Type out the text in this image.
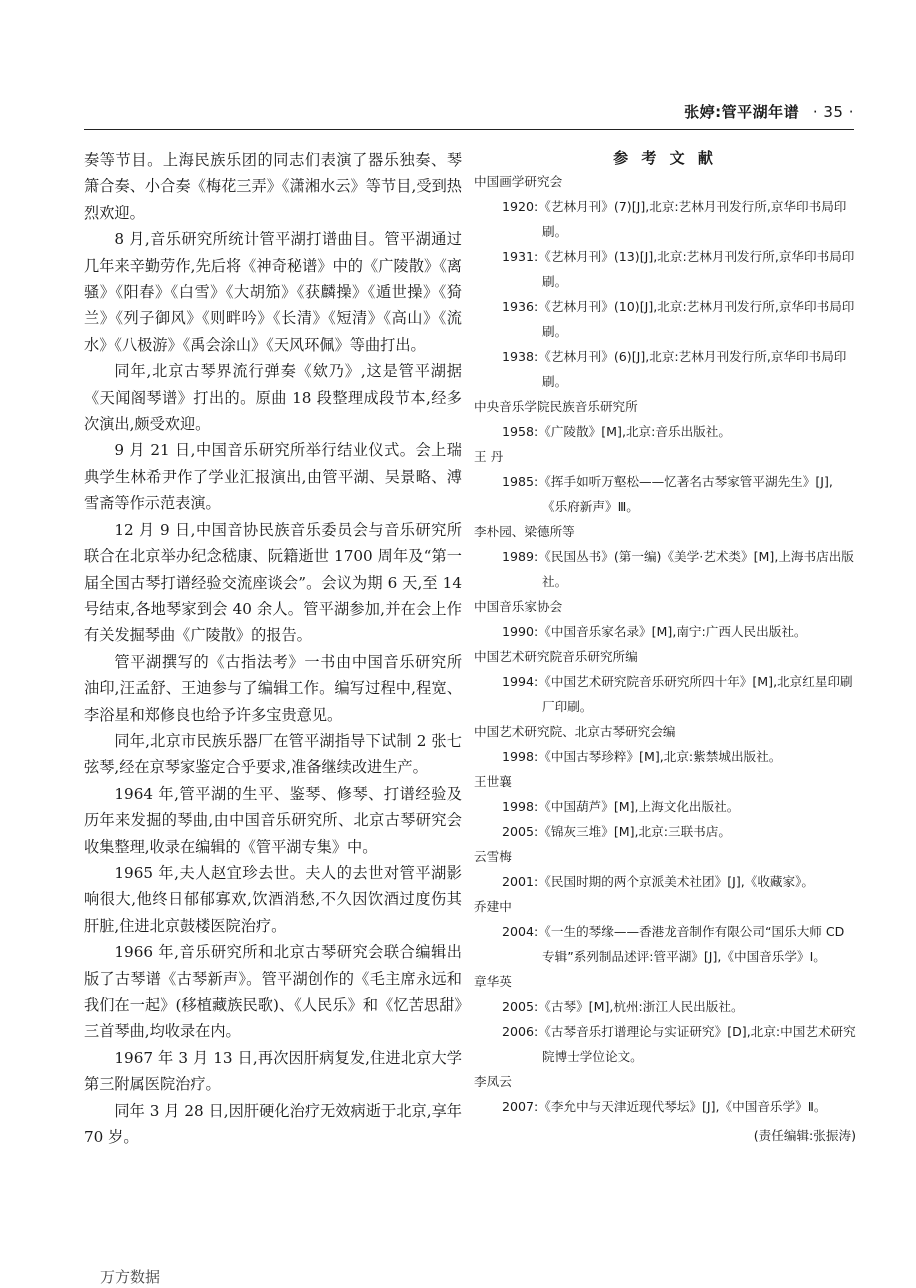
张婷:管平湖年谱 · 35 ·

奏等节目。上海民族乐团的同志们表演了器乐独奏、琴箫合奏、小合奏《梅花三弄》《潇湘水云》等节目,受到热烈欢迎。

8 月,音乐研究所统计管平湖打谱曲目。管平湖通过几年来辛勤劳作,先后将《神奇秘谱》中的《广陵散》《离骚》《阳春》《白雪》《大胡笳》《获麟操》《遁世操》《猗兰》《列子御风》《则畔吟》《长清》《短清》《高山》《流水》《八极游》《禹会涂山》《天风环佩》等曲打出。

同年,北京古琴界流行弹奏《欸乃》,这是管平湖据《天闻阁琴谱》打出的。原曲 18 段整理成段节本,经多次演出,颇受欢迎。

9 月 21 日,中国音乐研究所举行结业仪式。会上瑞典学生林希尹作了学业汇报演出,由管平湖、吴景略、溥雪斋等作示范表演。

12 月 9 日,中国音协民族音乐委员会与音乐研究所联合在北京举办纪念嵇康、阮籍逝世 1700 周年及“第一届全国古琴打谱经验交流座谈会”。会议为期 6 天,至 14 号结束,各地琴家到会 40 余人。管平湖参加,并在会上作有关发掘琴曲《广陵散》的报告。

管平湖撰写的《古指法考》一书由中国音乐研究所油印,汪孟舒、王迪参与了编辑工作。编写过程中,程宽、李浴星和郑修良也给予许多宝贵意见。

同年,北京市民族乐器厂在管平湖指导下试制 2 张七弦琴,经在京琴家鉴定合乎要求,准备继续改进生产。

1964 年,管平湖的生平、鉴琴、修琴、打谱经验及历年来发掘的琴曲,由中国音乐研究所、北京古琴研究会收集整理,收录在编辑的《管平湖专集》中。

1965 年,夫人赵宜珍去世。夫人的去世对管平湖影响很大,他终日郁郁寡欢,饮酒消愁,不久因饮酒过度伤其肝脏,住进北京鼓楼医院治疗。

1966 年,音乐研究所和北京古琴研究会联合编辑出版了古琴谱《古琴新声》。管平湖创作的《毛主席永远和我们在一起》(移植藏族民歌)、《人民乐》和《忆苦思甜》三首琴曲,均收录在内。

1967 年 3 月 13 日,再次因肝病复发,住进北京大学第三附属医院治疗。

同年 3 月 28 日,因肝硬化治疗无效病逝于北京,享年 70 岁。

参 考 文 献

中国画学研究会

1920:《艺林月刊》(7)[J],北京:艺林月刊发行所,京华印书局印刷。
1931:《艺林月刊》(13)[J],北京:艺林月刊发行所,京华印书局印刷。
1936:《艺林月刊》(10)[J],北京:艺林月刊发行所,京华印书局印刷。
1938:《艺林月刊》(6)[J],北京:艺林月刊发行所,京华印书局印刷。

中央音乐学院民族音乐研究所

1958:《广陵散》[M],北京:音乐出版社。

王 丹

1985:《挥手如听万壑松——忆著名古琴家管平湖先生》[J],《乐府新声》Ⅲ。

李朴园、梁德所等

1989:《民国丛书》(第一编)《美学·艺术类》[M],上海书店出版社。

中国音乐家协会

1990:《中国音乐家名录》[M],南宁:广西人民出版社。

中国艺术研究院音乐研究所编

1994:《中国艺术研究院音乐研究所四十年》[M],北京红星印刷厂印刷。

中国艺术研究院、北京古琴研究会编

1998:《中国古琴珍粹》[M],北京:紫禁城出版社。

王世襄

1998:《中国葫芦》[M],上海文化出版社。
2005:《锦灰三堆》[M],北京:三联书店。

云雪梅

2001:《民国时期的两个京派美术社团》[J],《收藏家》。

乔建中

2004:《一生的琴缘——香港龙音制作有限公司“国乐大师 CD 专辑”系列制品述评:管平湖》[J],《中国音乐学》Ⅰ。

章华英

2005:《古琴》[M],杭州:浙江人民出版社。
2006:《古琴音乐打谱理论与实证研究》[D],北京:中国艺术研究院博士学位论文。

李凤云

2007:《李允中与天津近现代琴坛》[J],《中国音乐学》Ⅱ。
(责任编辑:张振涛)
万方数据
